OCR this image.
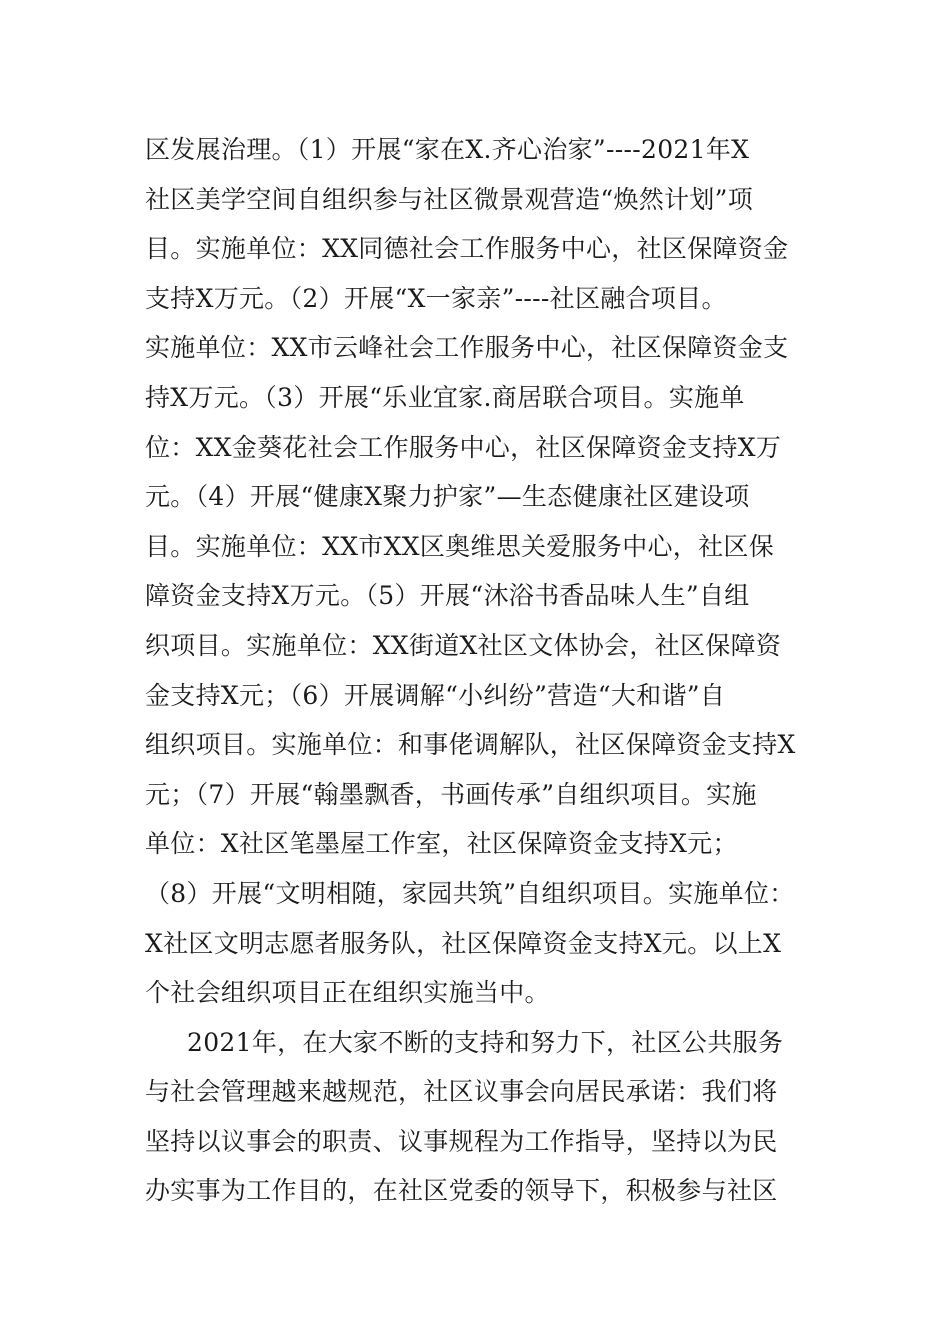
区发展治理。（1）开展“家在X.齐心治家”----2021年X
社区美学空间自组织参与社区微景观营造“焕然计划”项
目。实施单位：XX同德社会工作服务中心，社区保障资金
支持X万元。（2）开展“X一家亲”----社区融合项目。
实施单位：XX市云峰社会工作服务中心，社区保障资金支
持X万元。（3）开展“乐业宜家.商居联合项目。实施单
位：XX金葵花社会工作服务中心，社区保障资金支持X万
元。（4）开展“健康X聚力护家”—生态健康社区建设项
目。实施单位：XX市XX区奥维思关爱服务中心，社区保
障资金支持X万元。（5）开展“沐浴书香品味人生”自组
织项目。实施单位：XX街道X社区文体协会，社区保障资
金支持X元；（6）开展调解“小纠纷”营造“大和谐”自
组织项目。实施单位：和事佬调解队，社区保障资金支持X
元；（7）开展“翰墨飘香，书画传承”自组织项目。实施
单位：X社区笔墨屋工作室，社区保障资金支持X元；
（8）开展“文明相随，家园共筑”自组织项目。实施单位：
X社区文明志愿者服务队，社区保障资金支持X元。以上X
个社会组织项目正在组织实施当中。
2021年，在大家不断的支持和努力下，社区公共服务
与社会管理越来越规范，社区议事会向居民承诺：我们将
坚持以议事会的职责、议事规程为工作指导，坚持以为民
办实事为工作目的，在社区党委的领导下，积极参与社区
